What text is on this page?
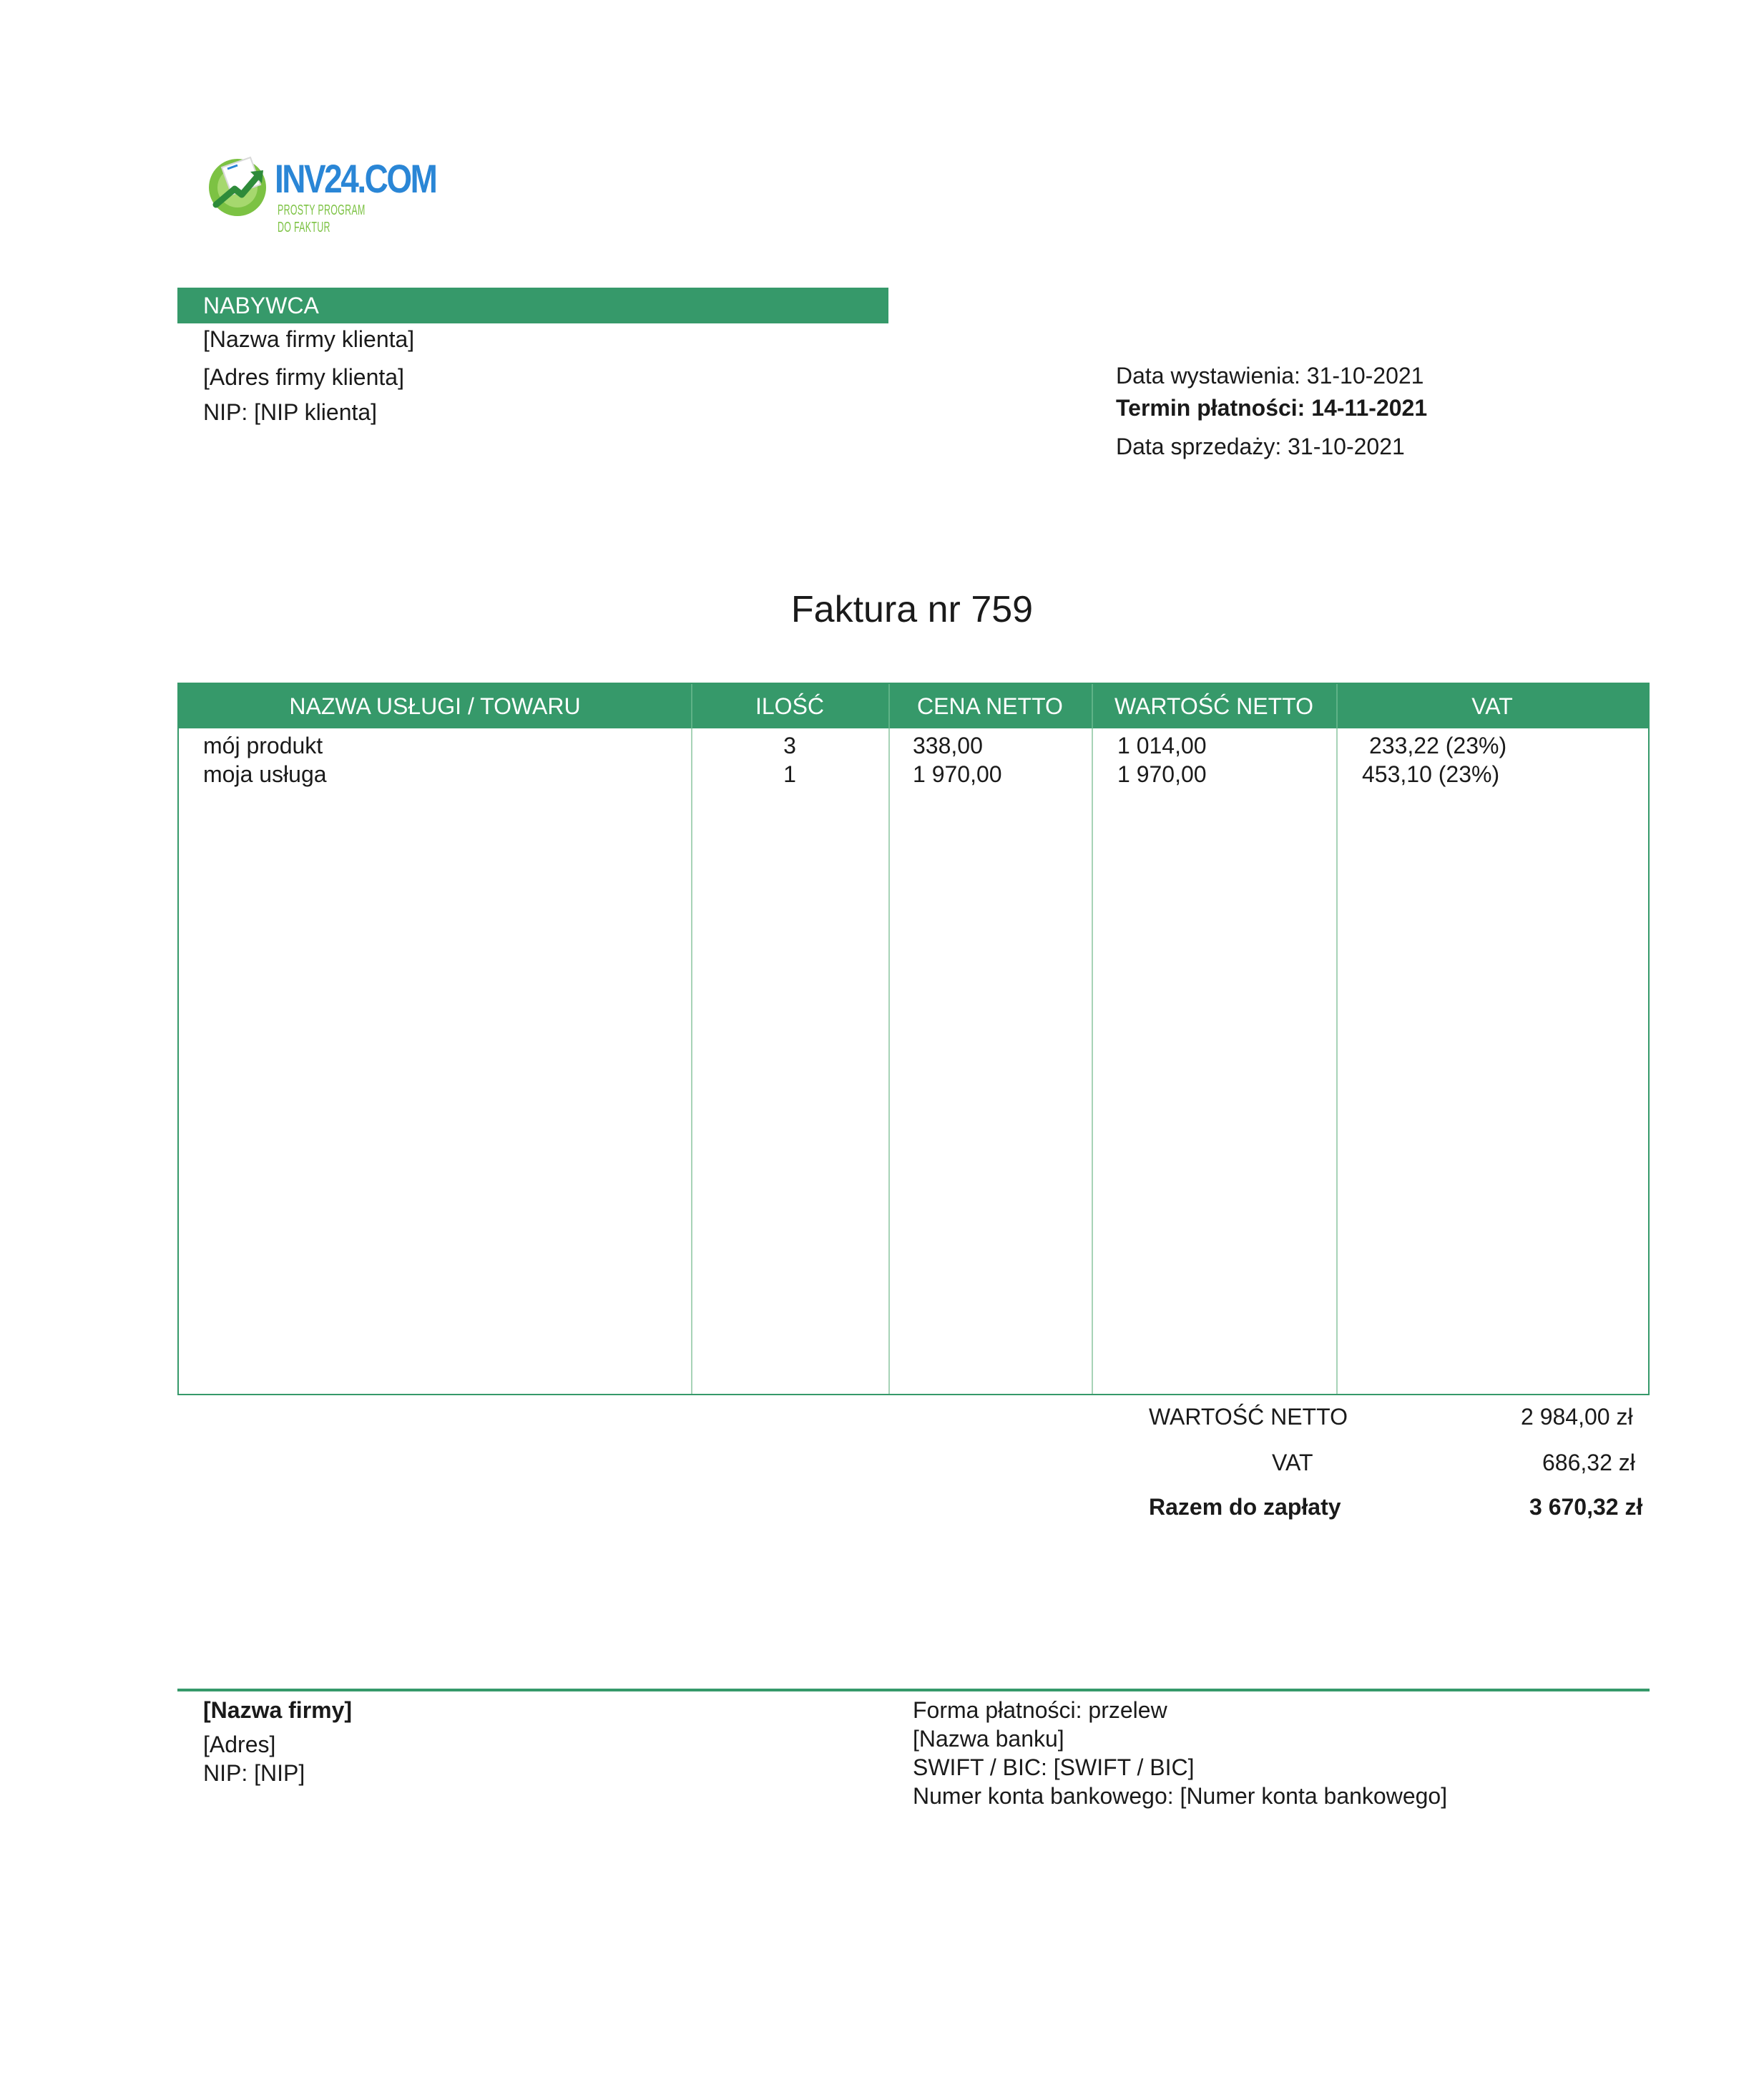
INV24.COM
PROSTY PROGRAM DO FAKTUR
NABYWCA
[Nazwa firmy klienta]
[Adres firmy klienta]
NIP: [NIP klienta]
Data wystawienia: 31-10-2021
Termin płatności: 14-11-2021
Data sprzedaży: 31-10-2021
Faktura nr 759
NAZWA USŁUGI / TOWARU	ILOŚĆ	CENA NETTO	WARTOŚĆ NETTO	VAT
mój produkt	3	338,00	1 014,00	233,22 (23%)
moja usługa	1	1 970,00	1 970,00	453,10 (23%)
WARTOŚĆ NETTO	2 984,00 zł
VAT	686,32 zł
Razem do zapłaty	3 670,32 zł
[Nazwa firmy]
[Adres]
NIP: [NIP]
Forma płatności: przelew
[Nazwa banku]
SWIFT / BIC: [SWIFT / BIC]
Numer konta bankowego: [Numer konta bankowego]
